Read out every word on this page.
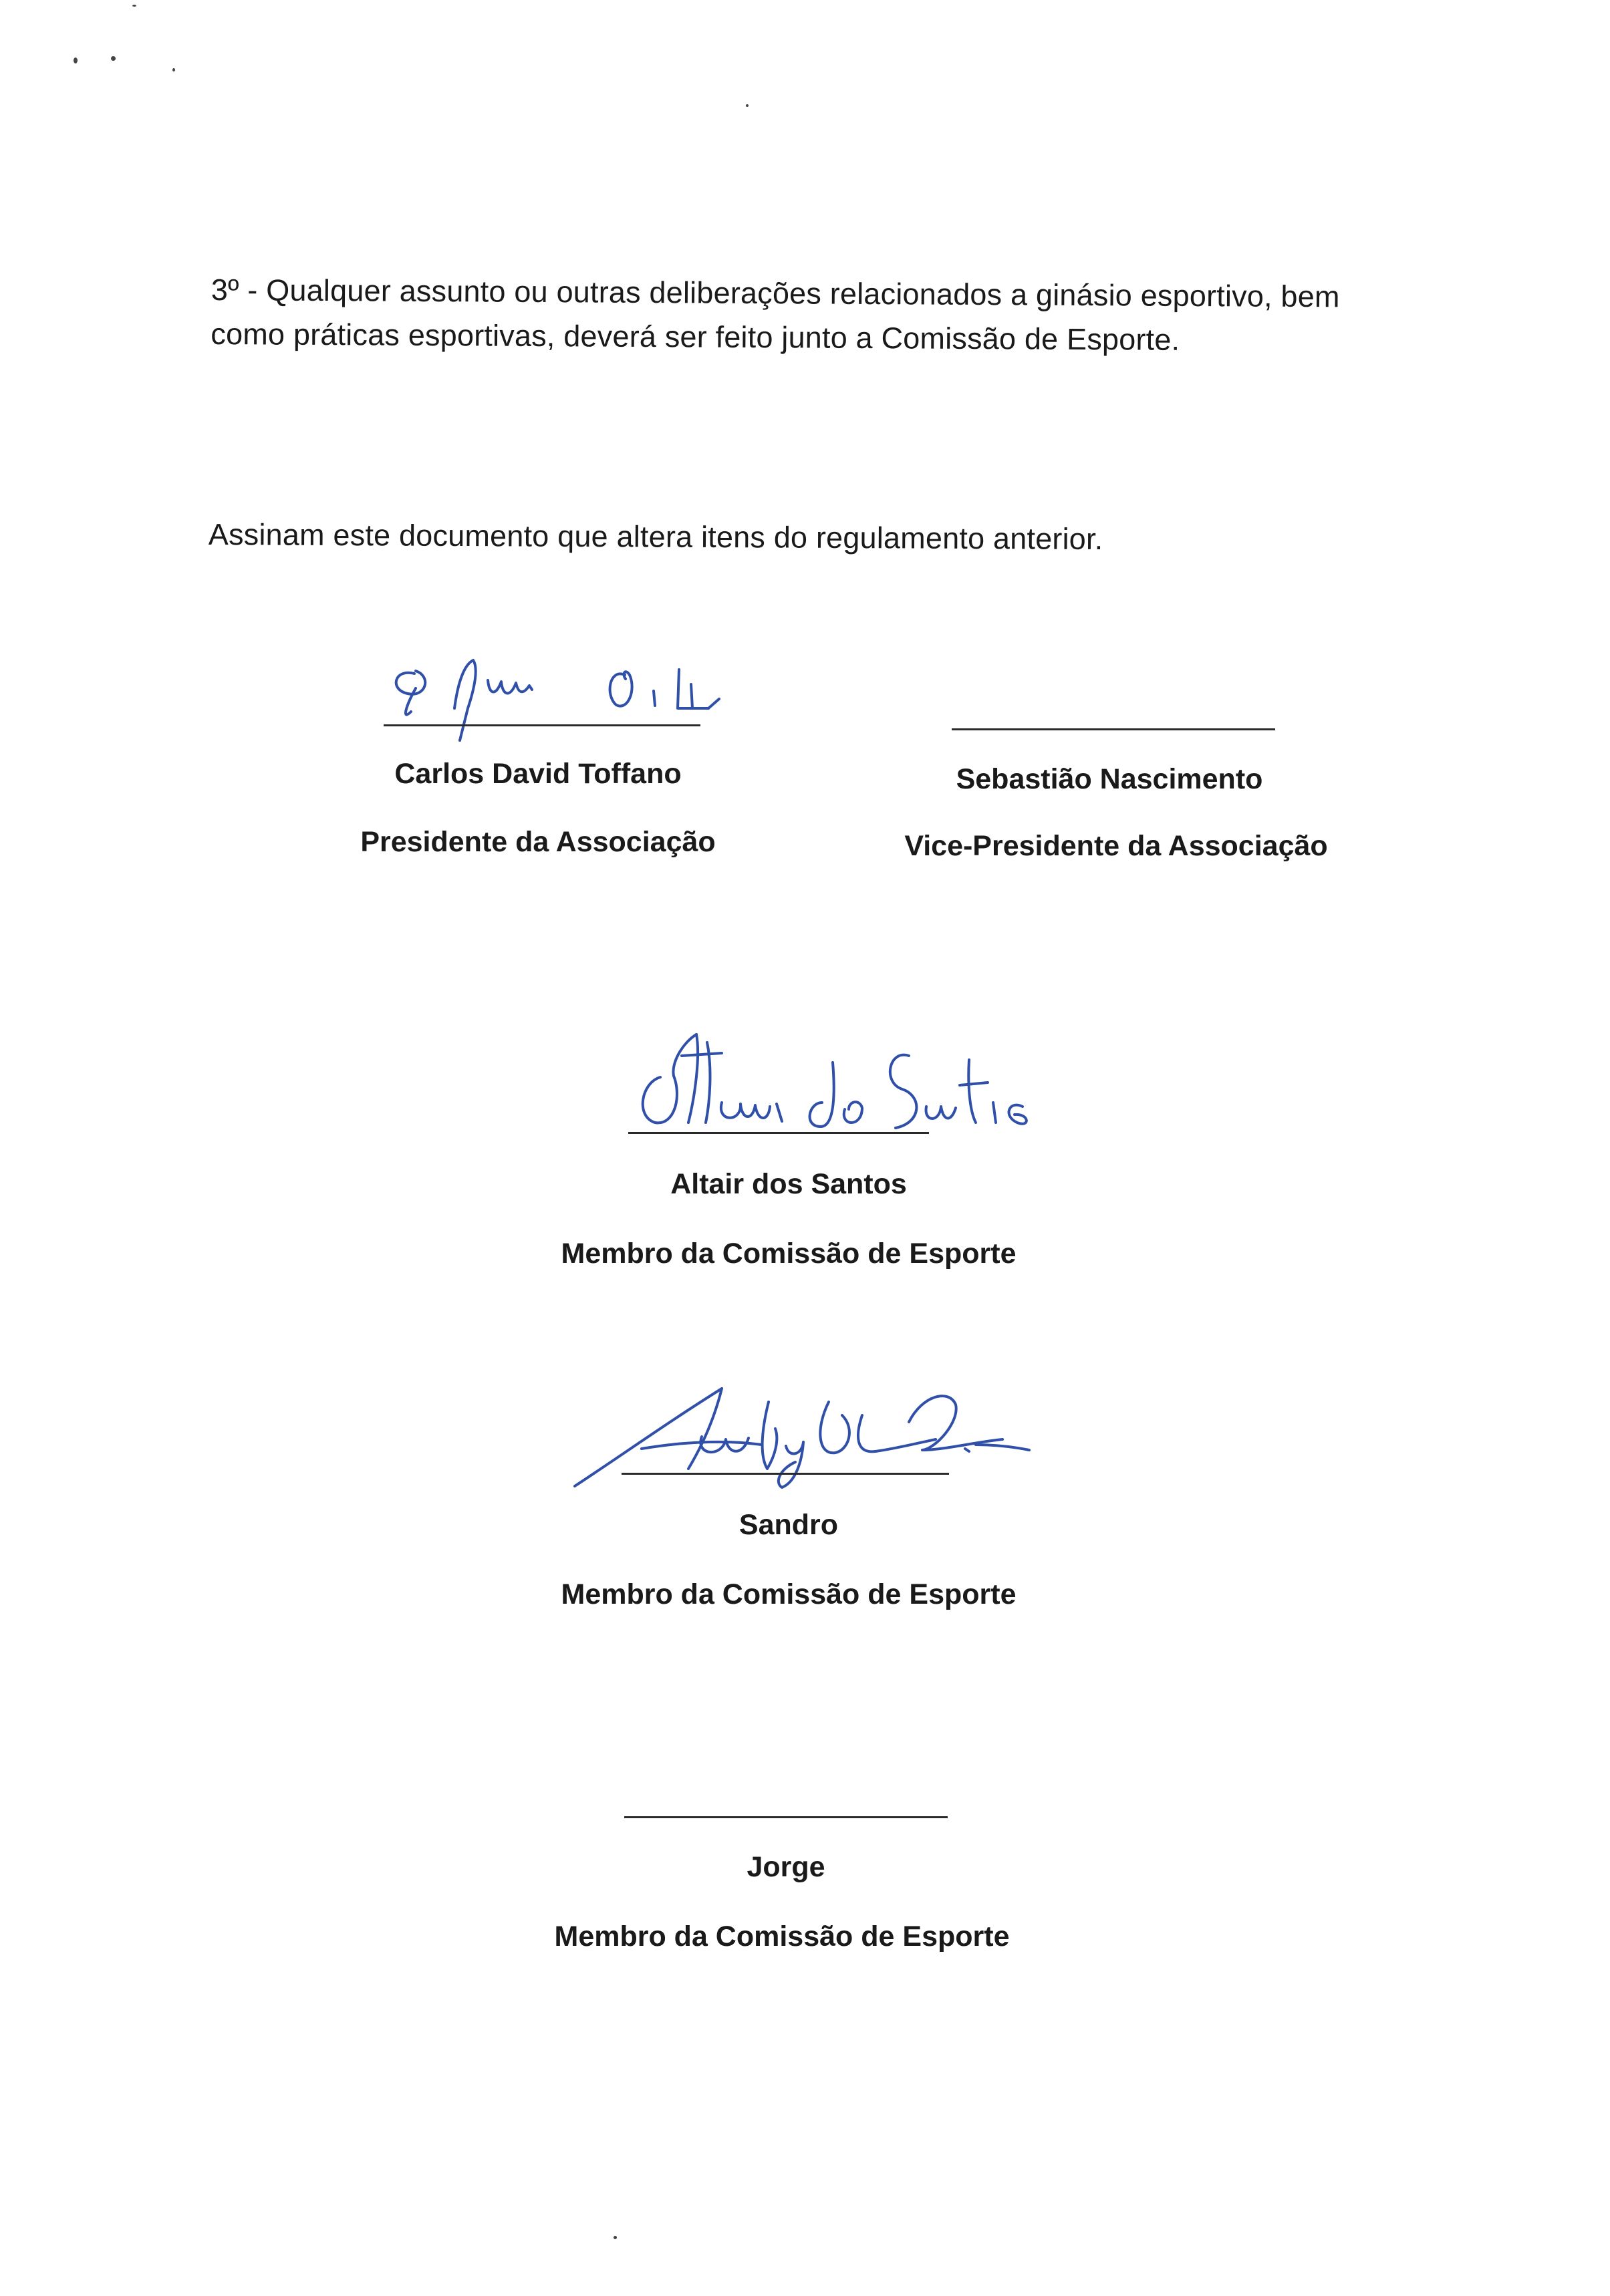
3º - Qualquer assunto ou outras deliberações relacionados a ginásio esportivo, bem como práticas esportivas, deverá ser feito junto a Comissão de Esporte.

Assinam este documento que altera itens do regulamento anterior.

Carlos David Toffano
Presidente da Associação
Sebastião Nascimento
Vice-Presidente da Associação
Altair dos Santos
Membro da Comissão de Esporte
Sandro
Membro da Comissão de Esporte
Jorge
Membro da Comissão de Esporte
